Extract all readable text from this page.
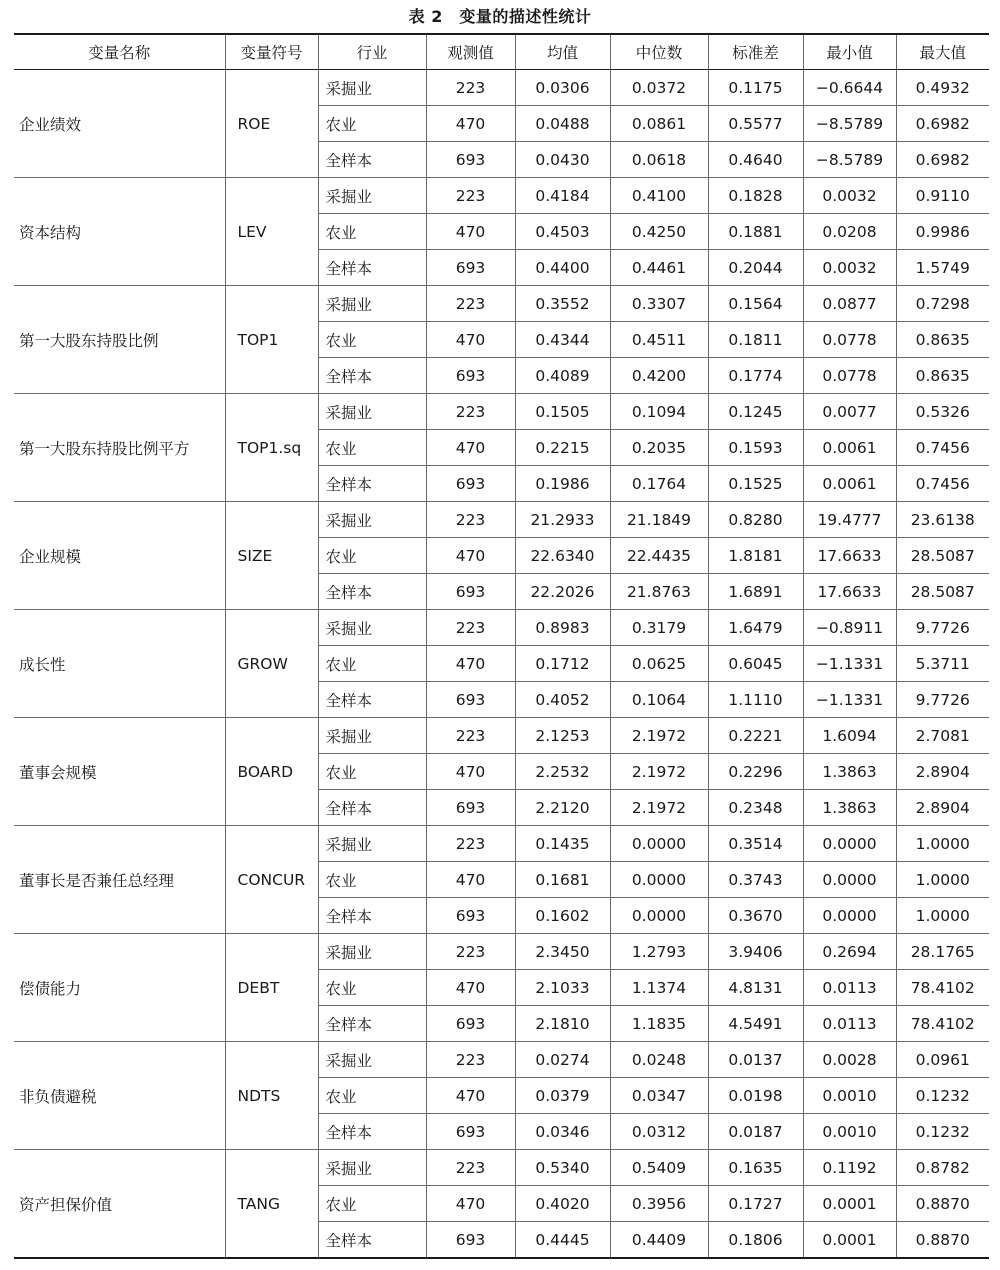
表 2　变量的描述性统计
变量名称	变量符号	行业	观测值	均值	中位数	标准差	最小值	最大值
企业绩效	ROE	采掘业	223	0.0306	0.0372	0.1175	−0.6644	0.4932
		农业	470	0.0488	0.0861	0.5577	−8.5789	0.6982
		全样本	693	0.0430	0.0618	0.4640	−8.5789	0.6982
资本结构	LEV	采掘业	223	0.4184	0.4100	0.1828	0.0032	0.9110
		农业	470	0.4503	0.4250	0.1881	0.0208	0.9986
		全样本	693	0.4400	0.4461	0.2044	0.0032	1.5749
第一大股东持股比例	TOP1	采掘业	223	0.3552	0.3307	0.1564	0.0877	0.7298
		农业	470	0.4344	0.4511	0.1811	0.0778	0.8635
		全样本	693	0.4089	0.4200	0.1774	0.0778	0.8635
第一大股东持股比例平方	TOP1.sq	采掘业	223	0.1505	0.1094	0.1245	0.0077	0.5326
		农业	470	0.2215	0.2035	0.1593	0.0061	0.7456
		全样本	693	0.1986	0.1764	0.1525	0.0061	0.7456
企业规模	SIZE	采掘业	223	21.2933	21.1849	0.8280	19.4777	23.6138
		农业	470	22.6340	22.4435	1.8181	17.6633	28.5087
		全样本	693	22.2026	21.8763	1.6891	17.6633	28.5087
成长性	GROW	采掘业	223	0.8983	0.3179	1.6479	−0.8911	9.7726
		农业	470	0.1712	0.0625	0.6045	−1.1331	5.3711
		全样本	693	0.4052	0.1064	1.1110	−1.1331	9.7726
董事会规模	BOARD	采掘业	223	2.1253	2.1972	0.2221	1.6094	2.7081
		农业	470	2.2532	2.1972	0.2296	1.3863	2.8904
		全样本	693	2.2120	2.1972	0.2348	1.3863	2.8904
董事长是否兼任总经理	CONCUR	采掘业	223	0.1435	0.0000	0.3514	0.0000	1.0000
		农业	470	0.1681	0.0000	0.3743	0.0000	1.0000
		全样本	693	0.1602	0.0000	0.3670	0.0000	1.0000
偿债能力	DEBT	采掘业	223	2.3450	1.2793	3.9406	0.2694	28.1765
		农业	470	2.1033	1.1374	4.8131	0.0113	78.4102
		全样本	693	2.1810	1.1835	4.5491	0.0113	78.4102
非负债避税	NDTS	采掘业	223	0.0274	0.0248	0.0137	0.0028	0.0961
		农业	470	0.0379	0.0347	0.0198	0.0010	0.1232
		全样本	693	0.0346	0.0312	0.0187	0.0010	0.1232
资产担保价值	TANG	采掘业	223	0.5340	0.5409	0.1635	0.1192	0.8782
		农业	470	0.4020	0.3956	0.1727	0.0001	0.8870
		全样本	693	0.4445	0.4409	0.1806	0.0001	0.8870
